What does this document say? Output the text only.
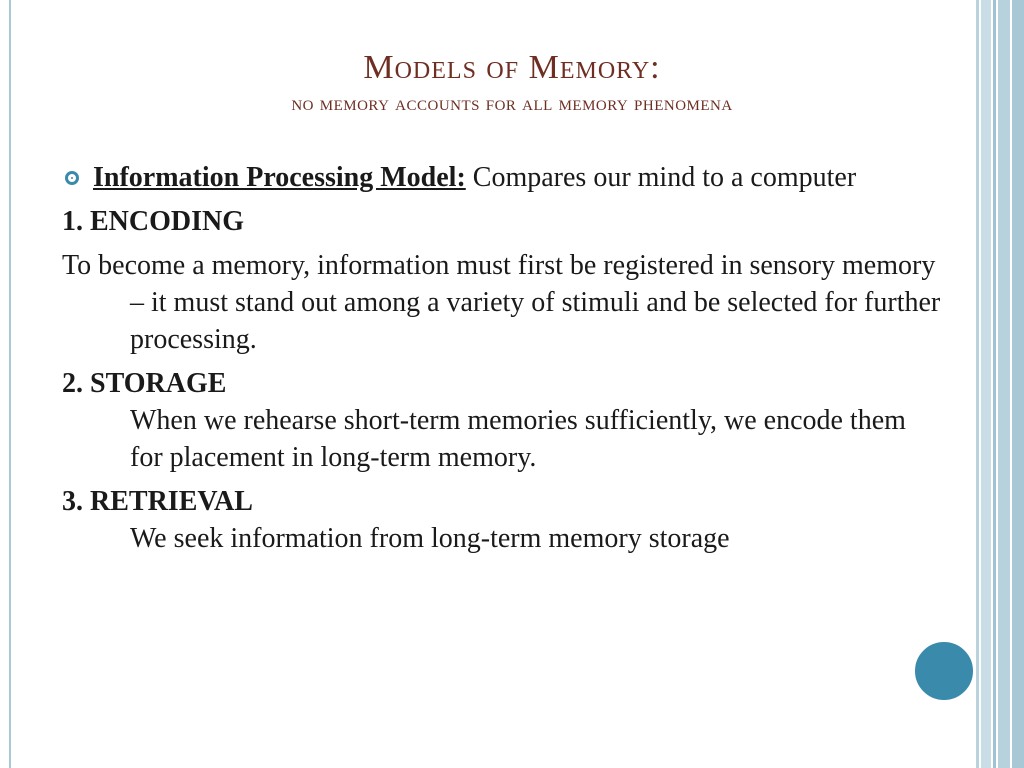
Models of Memory:
no memory accounts for all memory phenomena
Information Processing Model: Compares our mind to a computer
1. ENCODING
To become a memory, information must first be registered in sensory memory – it must stand out among a variety of stimuli and be selected for further processing.
2. STORAGE
When we rehearse short-term memories sufficiently, we encode them for placement in long-term memory.
3. RETRIEVAL
We seek information from long-term memory storage
